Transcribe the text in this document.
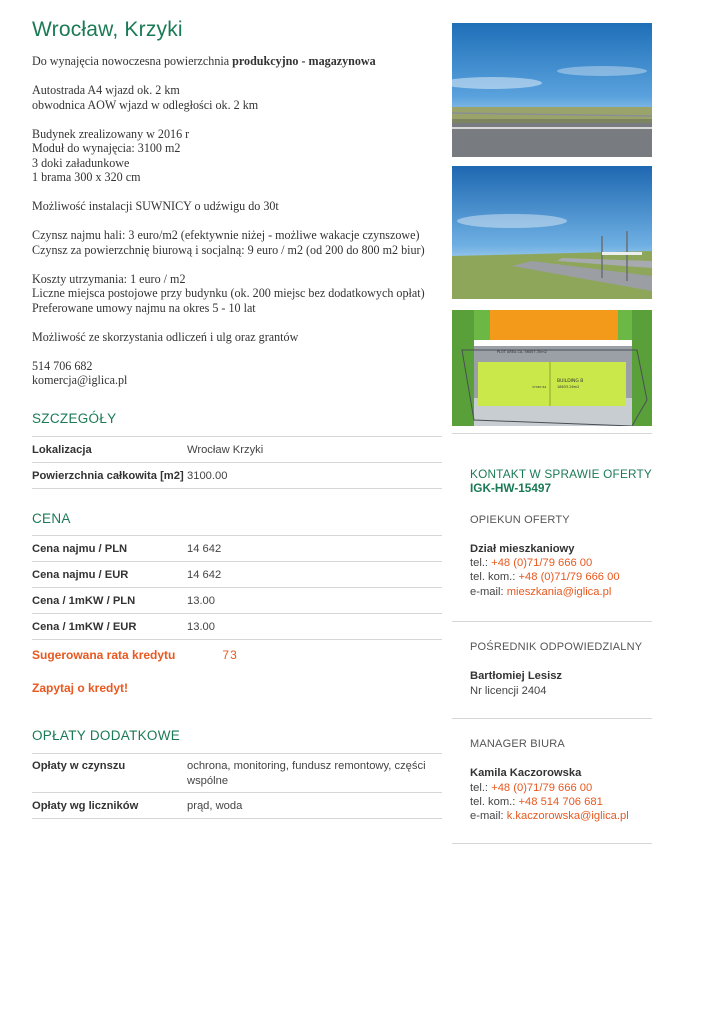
Wrocław, Krzyki

Do wynajęcia nowoczesna powierzchnia produkcyjno - magazynowa

Autostrada A4 wjazd ok. 2 km
obwodnica AOW wjazd w odległości ok. 2 km

Budynek zrealizowany w 2016 r
Moduł do wynajęcia: 3100 m2
3 doki załadunkowe
1 brama 300 x 320 cm

Możliwość instalacji SUWNICY o udźwigu do 30t

Czynsz najmu hali: 3 euro/m2 (efektywnie niżej - możliwe wakacje czynszowe)
Czynsz za powierzchnię biurową i socjalną: 9 euro / m2 (od 200 do 800 m2 biur)

Koszty utrzymania: 1 euro / m2
Liczne miejsca postojowe przy budynku (ok. 200 miejsc bez dodatkowych opłat)
Preferowane umowy najmu na okres 5 - 10 lat

Możliwość ze skorzystania odliczeń i ulg oraz grantów

514 706 682
komercja@iglica.pl

SZCZEGÓŁY
Lokalizacja	Wrocław Krzyki
Powierzchnia całkowita [m2] 3100.00
CENA
Cena najmu / PLN	14 642
Cena najmu / EUR	14 642
Cena / 1mKW / PLN	13.00
Cena / 1mKW / EUR	13.00
Sugerowana rata kredytu	73
Zapytaj o kredyt!
OPŁATY DODATKOWE
Opłaty w czynszu	ochrona, monitoring, fundusz remontowy, części wspólne
Opłaty wg liczników	prąd, woda
PLOT AREA CA. 56007.35m2
BUILDING B
18633.26m2
37087.62
KONTAKT W SPRAWIE OFERTY
IGK-HW-15497
OPIEKUN OFERTY
Dział mieszkaniowy
tel.: +48 (0)71/79 666 00
tel. kom.: +48 (0)71/79 666 00
e-mail: mieszkania@iglica.pl
POŚREDNIK ODPOWIEDZIALNY
Bartłomiej Lesisz
Nr licencji 2404
MANAGER BIURA
Kamila Kaczorowska
tel.: +48 (0)71/79 666 00
tel. kom.: +48 514 706 681
e-mail: k.kaczorowska@iglica.pl
